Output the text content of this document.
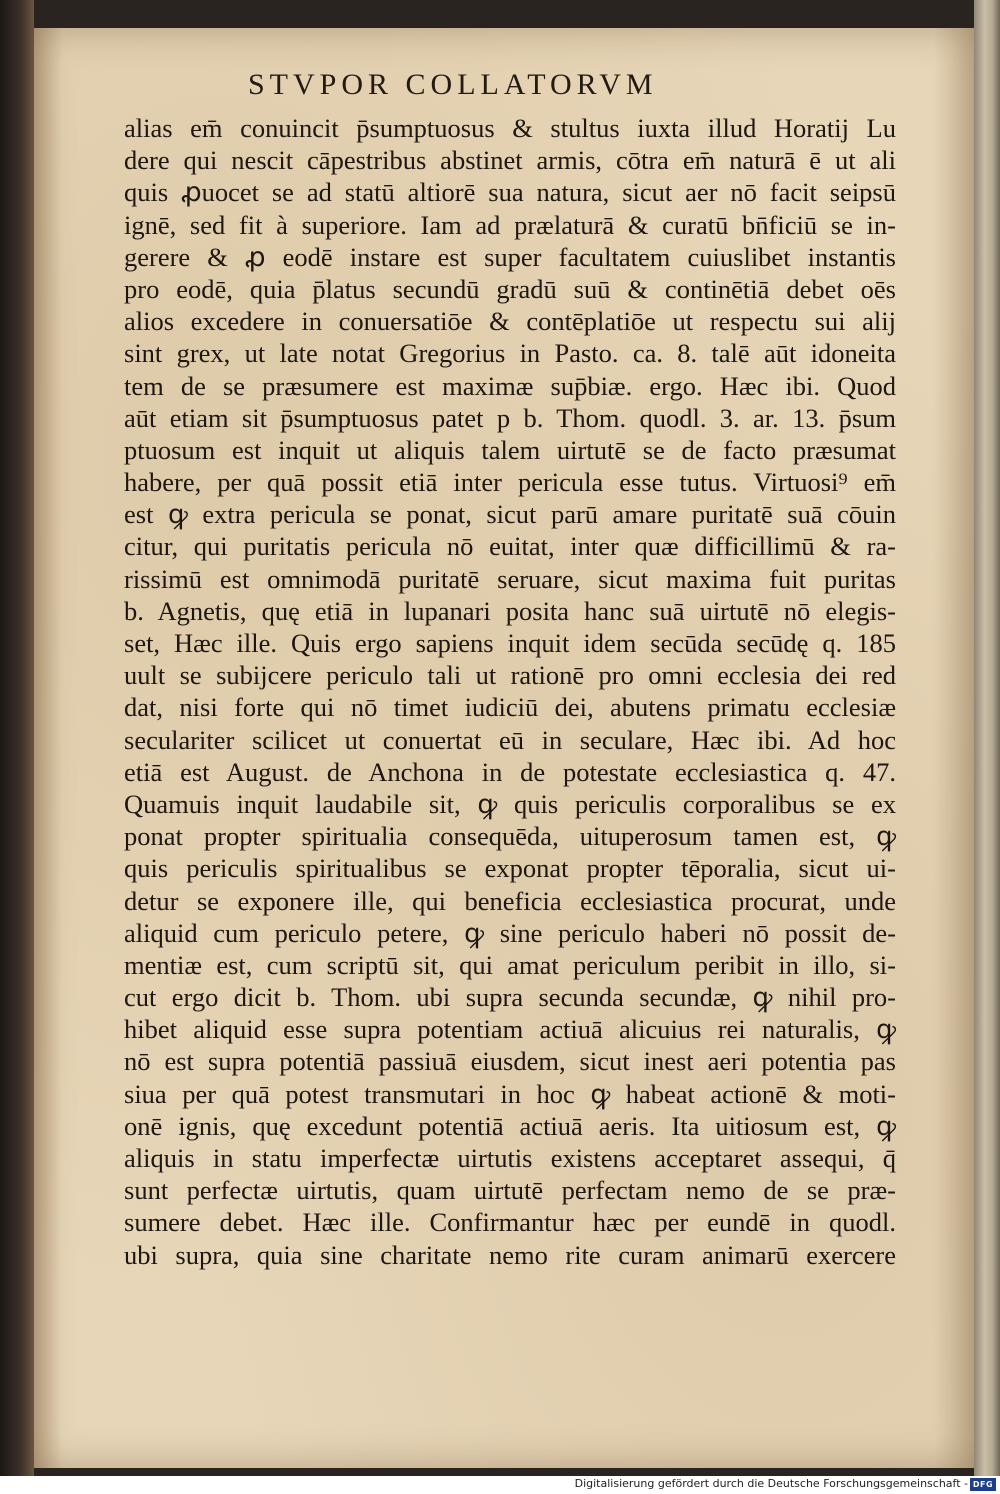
STVPOR COLLATORVM
alias em̄ conuincit p̄sumptuosus & stultus iuxta illud Horatij Lu
dere qui nescit cāpestribus abstinet armis, cōtra em̄ naturā ē ut ali
quis ꝓuocet se ad statū altiorē sua natura, sicut aer nō facit seipsū
ignē, sed fit à superiore. Iam ad prælaturā & curatū bn̄ficiū se in-
gerere & ꝓ eodē instare est super facultatem cuiuslibet instantis
pro eodē, quia p̄latus secundū gradū suū & continētiā debet oēs
alios excedere in conuersatiōe & contēplatiōe ut respectu sui alij
sint grex, ut late notat Gregorius in Pasto. ca. 8. talē aūt idoneita
tem de se præsumere est maximæ sup̄biæ. ergo. Hæc ibi. Quod
aūt etiam sit p̄sumptuosus patet p b. Thom. quodl. 3. ar. 13. p̄sum
ptuosum est inquit ut aliquis talem uirtutē se de facto præsumat
habere, per quā possit etiā inter pericula esse tutus. Virtuosi⁹ em̄
est ꝙ extra pericula se ponat, sicut parū amare puritatē suā cōuin
citur, qui puritatis pericula nō euitat, inter quæ difficillimū & ra-
rissimū est omnimodā puritatē seruare, sicut maxima fuit puritas
b. Agnetis, quę etiā in lupanari posita hanc suā uirtutē nō elegis-
set, Hæc ille. Quis ergo sapiens inquit idem secūda secūdę q. 185
uult se subijcere periculo tali ut rationē pro omni ecclesia dei red
dat, nisi forte qui nō timet iudiciū dei, abutens primatu ecclesiæ
seculariter scilicet ut conuertat eū in seculare, Hæc ibi. Ad hoc
etiā est August. de Anchona in de potestate ecclesiastica q. 47.
Quamuis inquit laudabile sit, ꝙ quis periculis corporalibus se ex
ponat propter spiritualia consequēda, uituperosum tamen est, ꝙ
quis periculis spiritualibus se exponat propter tēporalia, sicut ui-
detur se exponere ille, qui beneficia ecclesiastica procurat, unde
aliquid cum periculo petere, ꝙ sine periculo haberi nō possit de-
mentiæ est, cum scriptū sit, qui amat periculum peribit in illo, si-
cut ergo dicit b. Thom. ubi supra secunda secundæ, ꝙ nihil pro-
hibet aliquid esse supra potentiam actiuā alicuius rei naturalis, ꝙ
nō est supra potentiā passiuā eiusdem, sicut inest aeri potentia pas
siua per quā potest transmutari in hoc ꝙ habeat actionē & moti-
onē ignis, quę excedunt potentiā actiuā aeris. Ita uitiosum est, ꝙ
aliquis in statu imperfectæ uirtutis existens acceptaret assequi, q̄
sunt perfectæ uirtutis, quam uirtutē perfectam nemo de se præ-
sumere debet. Hæc ille. Confirmantur hæc per eundē in quodl.
ubi supra, quia sine charitate nemo rite curam animarū exercere
Digitalisierung gefördert durch die Deutsche Forschungsgemeinschaft - DFG
